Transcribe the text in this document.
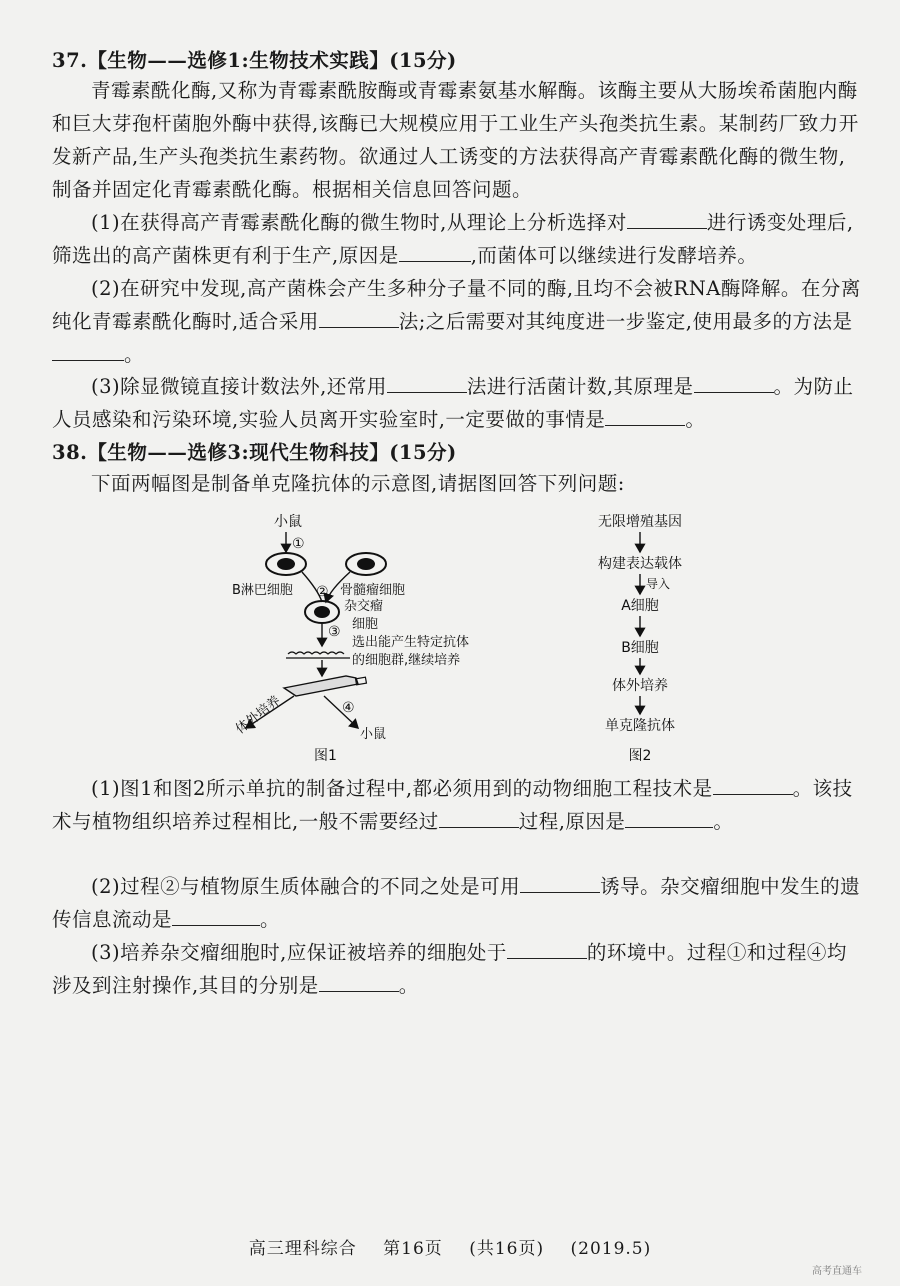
37.【生物——选修1:生物技术实践】(15分)

青霉素酰化酶,又称为青霉素酰胺酶或青霉素氨基水解酶。该酶主要从大肠埃希菌胞内酶和巨大芽孢杆菌胞外酶中获得,该酶已大规模应用于工业生产头孢类抗生素。某制药厂致力开发新产品,生产头孢类抗生素药物。欲通过人工诱变的方法获得高产青霉素酰化酶的微生物,制备并固定化青霉素酰化酶。根据相关信息回答问题。

(1)在获得高产青霉素酰化酶的微生物时,从理论上分析选择对	进行诱变处理后,筛选出的高产菌株更有利于生产,原因是	,而菌体可以继续进行发酵培养。

(2)在研究中发现,高产菌株会产生多种分子量不同的酶,且均不会被RNA酶降解。在分离纯化青霉素酰化酶时,适合采用	法;之后需要对其纯度进一步鉴定,使用最多的方法是。

(3)除显微镜直接计数法外,还常用	法进行活菌计数,其原理是	。为防止人员感染和污染环境,实验人员离开实验室时,一定要做的事情是	。

38.【生物——选修3:现代生物科技】(15分)

下面两幅图是制备单克隆抗体的示意图,请据图回答下列问题:

小鼠
①
B淋巴细胞	骨髓瘤细胞
②
杂交瘤
细胞
③
选出能产生特定抗体
的细胞群,继续培养
体外培养	④
小鼠
图1
无限增殖基因
构建表达载体
导入
A细胞
B细胞
体外培养
单克隆抗体
图2

(1)图1和图2所示单抗的制备过程中,都必须用到的动物细胞工程技术是	。该技术与植物组织培养过程相比,一般不需要经过	过程,原因是	。

(2)过程②与植物原生质体融合的不同之处是可用	诱导。杂交瘤细胞中发生的遗传信息流动是	。

(3)培养杂交瘤细胞时,应保证被培养的细胞处于	的环境中。过程①和过程④均涉及到注射操作,其目的分别是	。

高三理科综合 第16页 (共16页) (2019.5)
高考直通车
